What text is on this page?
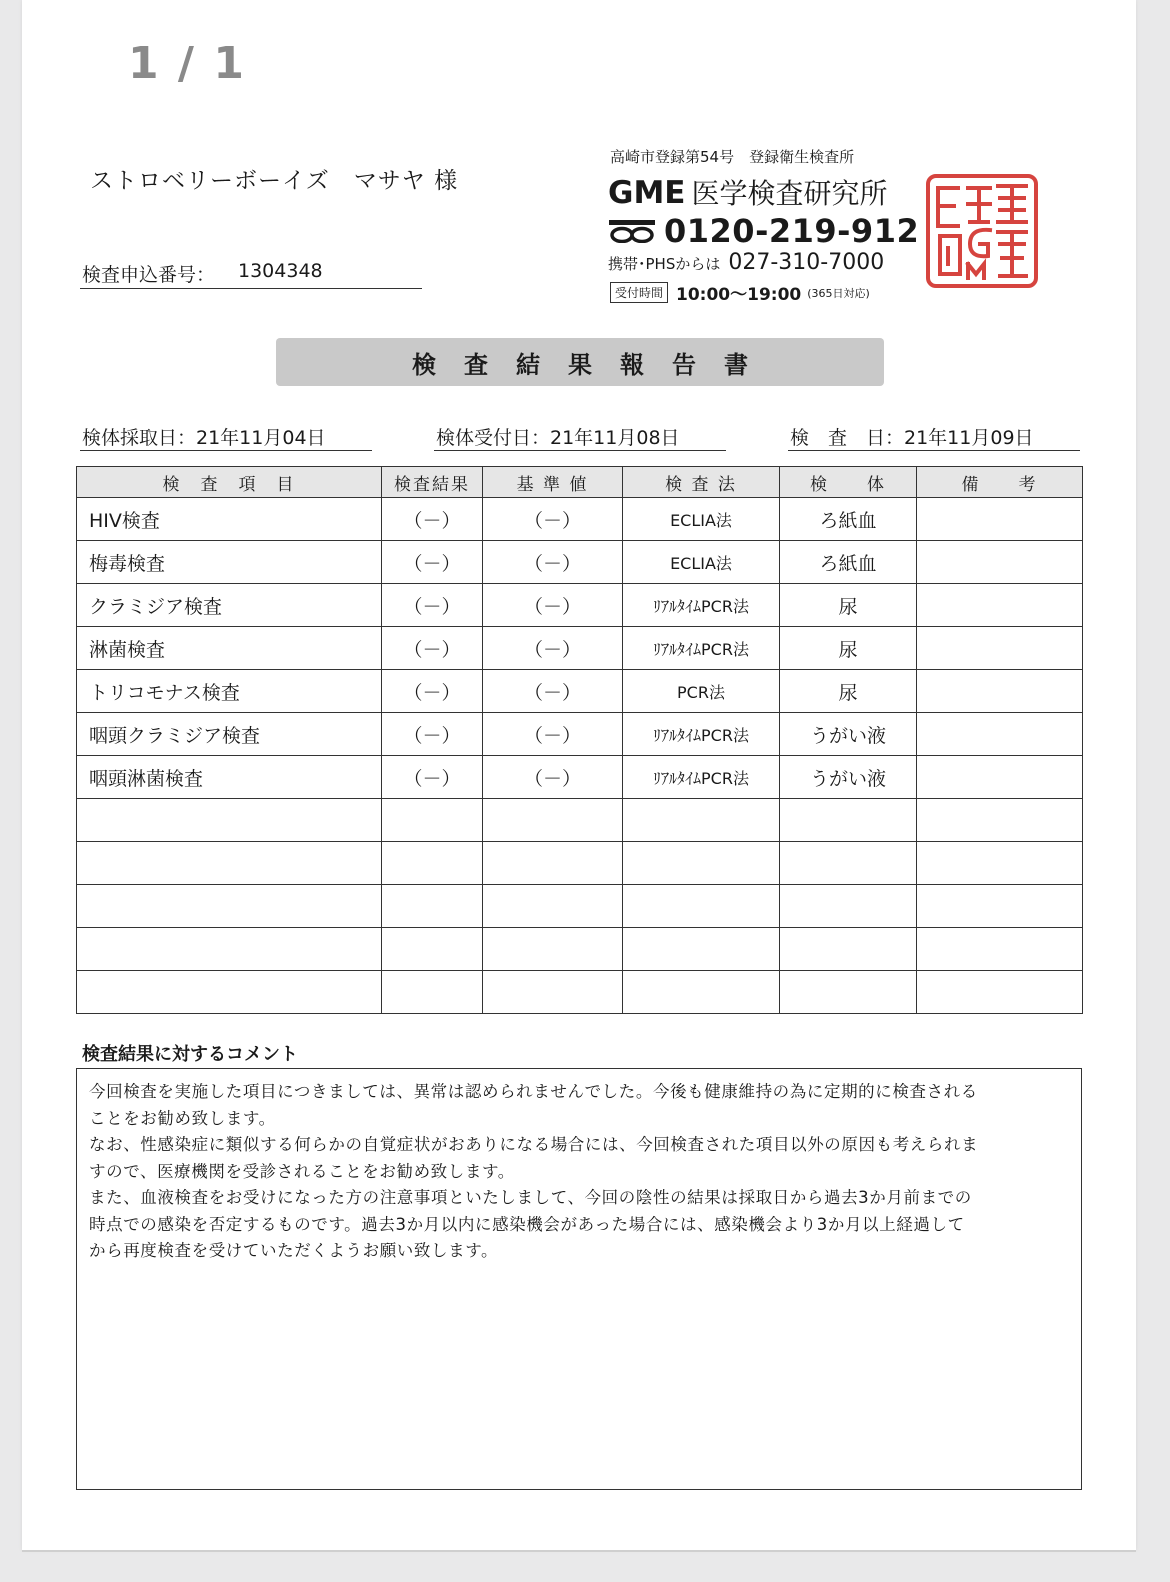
1 / 1
ストロベリーボーイズ　マサヤ 様
検査申込番号： 1304348
高崎市登録第54号　登録衛生検査所
GME 医学検査研究所
0120-219-912
携帯･PHSからは 027-310-7000
受付時間 10:00〜19:00 (365日対応)
検査結果報告書
検体採取日：21年11月04日	検体受付日：21年11月08日	検　査　日：21年11月09日
検　査　項　目	検査結果	基 準 値	検 査 法	検　　体	備　　考
HIV検査	（－）	（－）	ECLIA法	ろ紙血	
梅毒検査	（－）	（－）	ECLIA法	ろ紙血	
クラミジア検査	（－）	（－）	ﾘｱﾙﾀｲﾑPCR法	尿	
淋菌検査	（－）	（－）	ﾘｱﾙﾀｲﾑPCR法	尿	
トリコモナス検査	（－）	（－）	PCR法	尿	
咽頭クラミジア検査	（－）	（－）	ﾘｱﾙﾀｲﾑPCR法	うがい液	
咽頭淋菌検査	（－）	（－）	ﾘｱﾙﾀｲﾑPCR法	うがい液	

検査結果に対するコメント

今回検査を実施した項目につきましては、異常は認められませんでした。今後も健康維持の為に定期的に検査される
ことをお勧め致します。
なお、性感染症に類似する何らかの自覚症状がおありになる場合には、今回検査された項目以外の原因も考えられま
すので、医療機関を受診されることをお勧め致します。
また、血液検査をお受けになった方の注意事項といたしまして、今回の陰性の結果は採取日から過去3か月前までの
時点での感染を否定するものです。過去3か月以内に感染機会があった場合には、感染機会より3か月以上経過して
から再度検査を受けていただくようお願い致します。
